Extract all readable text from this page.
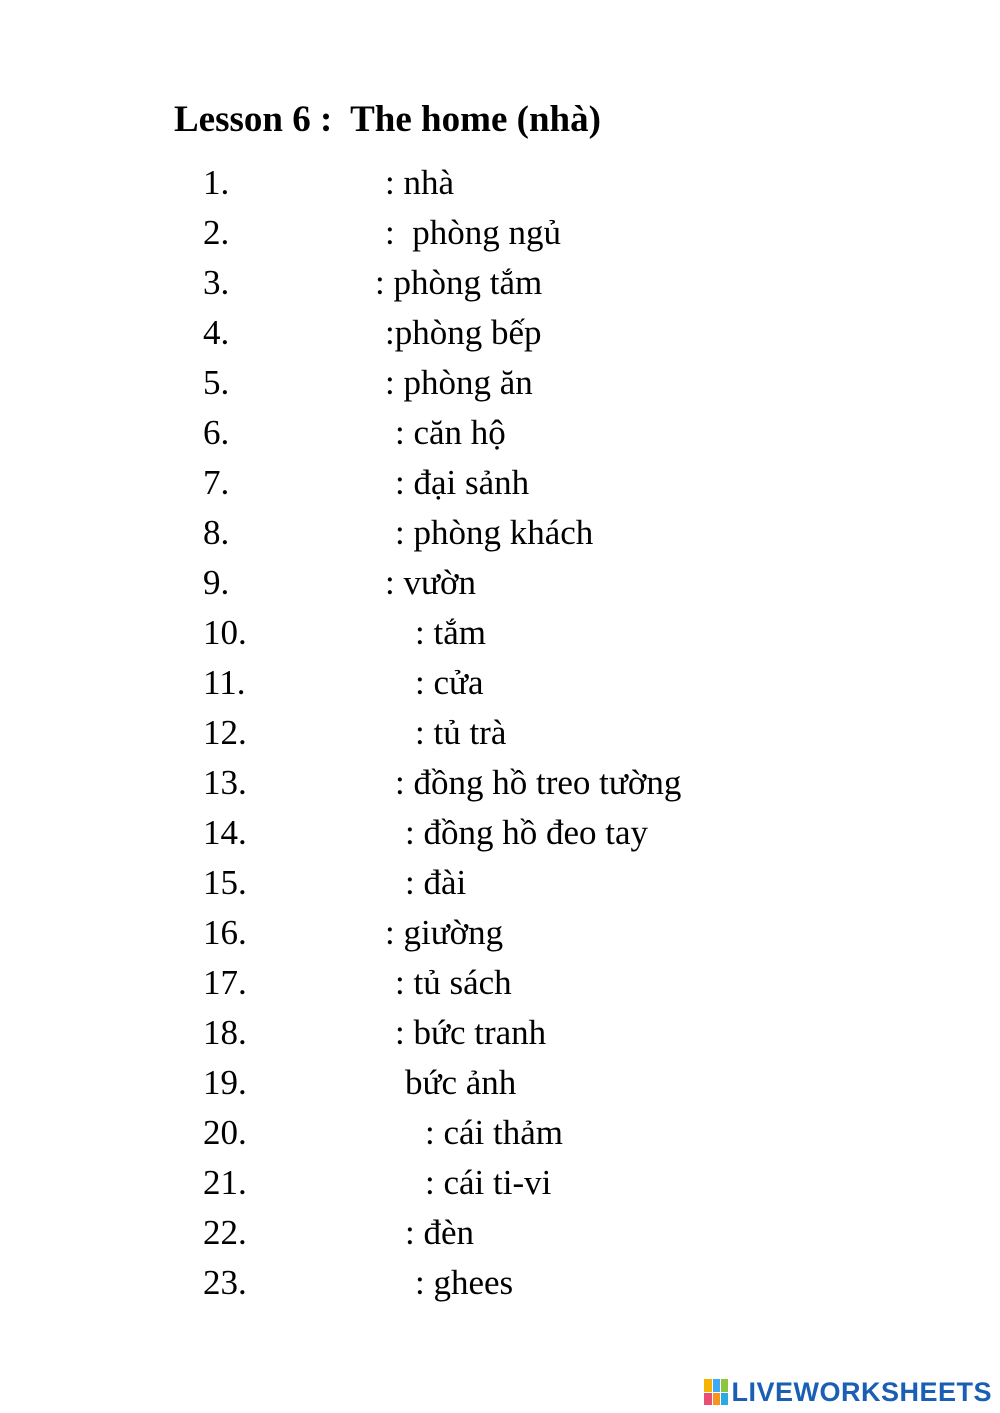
Lesson 6 :  The home (nhà)

1.

	: nhà

2.

	:  phòng ngủ

3.

	: phòng tắm

4.

	:phòng bếp

5.

	: phòng ăn

6.

	: căn hộ

7.

	: đại sảnh

8.

	: phòng khách

9.

	: vườn

10.

	: tắm

11.

	: cửa

12.

	: tủ trà

13.

	: đồng hồ treo tường

14.

	: đồng hồ đeo tay

15.

	: đài

16.

	: giường

17.

	: tủ sách

18.

	: bức tranh

19.

	bức ảnh

20.

	: cái thảm

21.

	: cái ti-vi

22.

	: đèn

23.

	: ghees

LIVEWORKSHEETS
